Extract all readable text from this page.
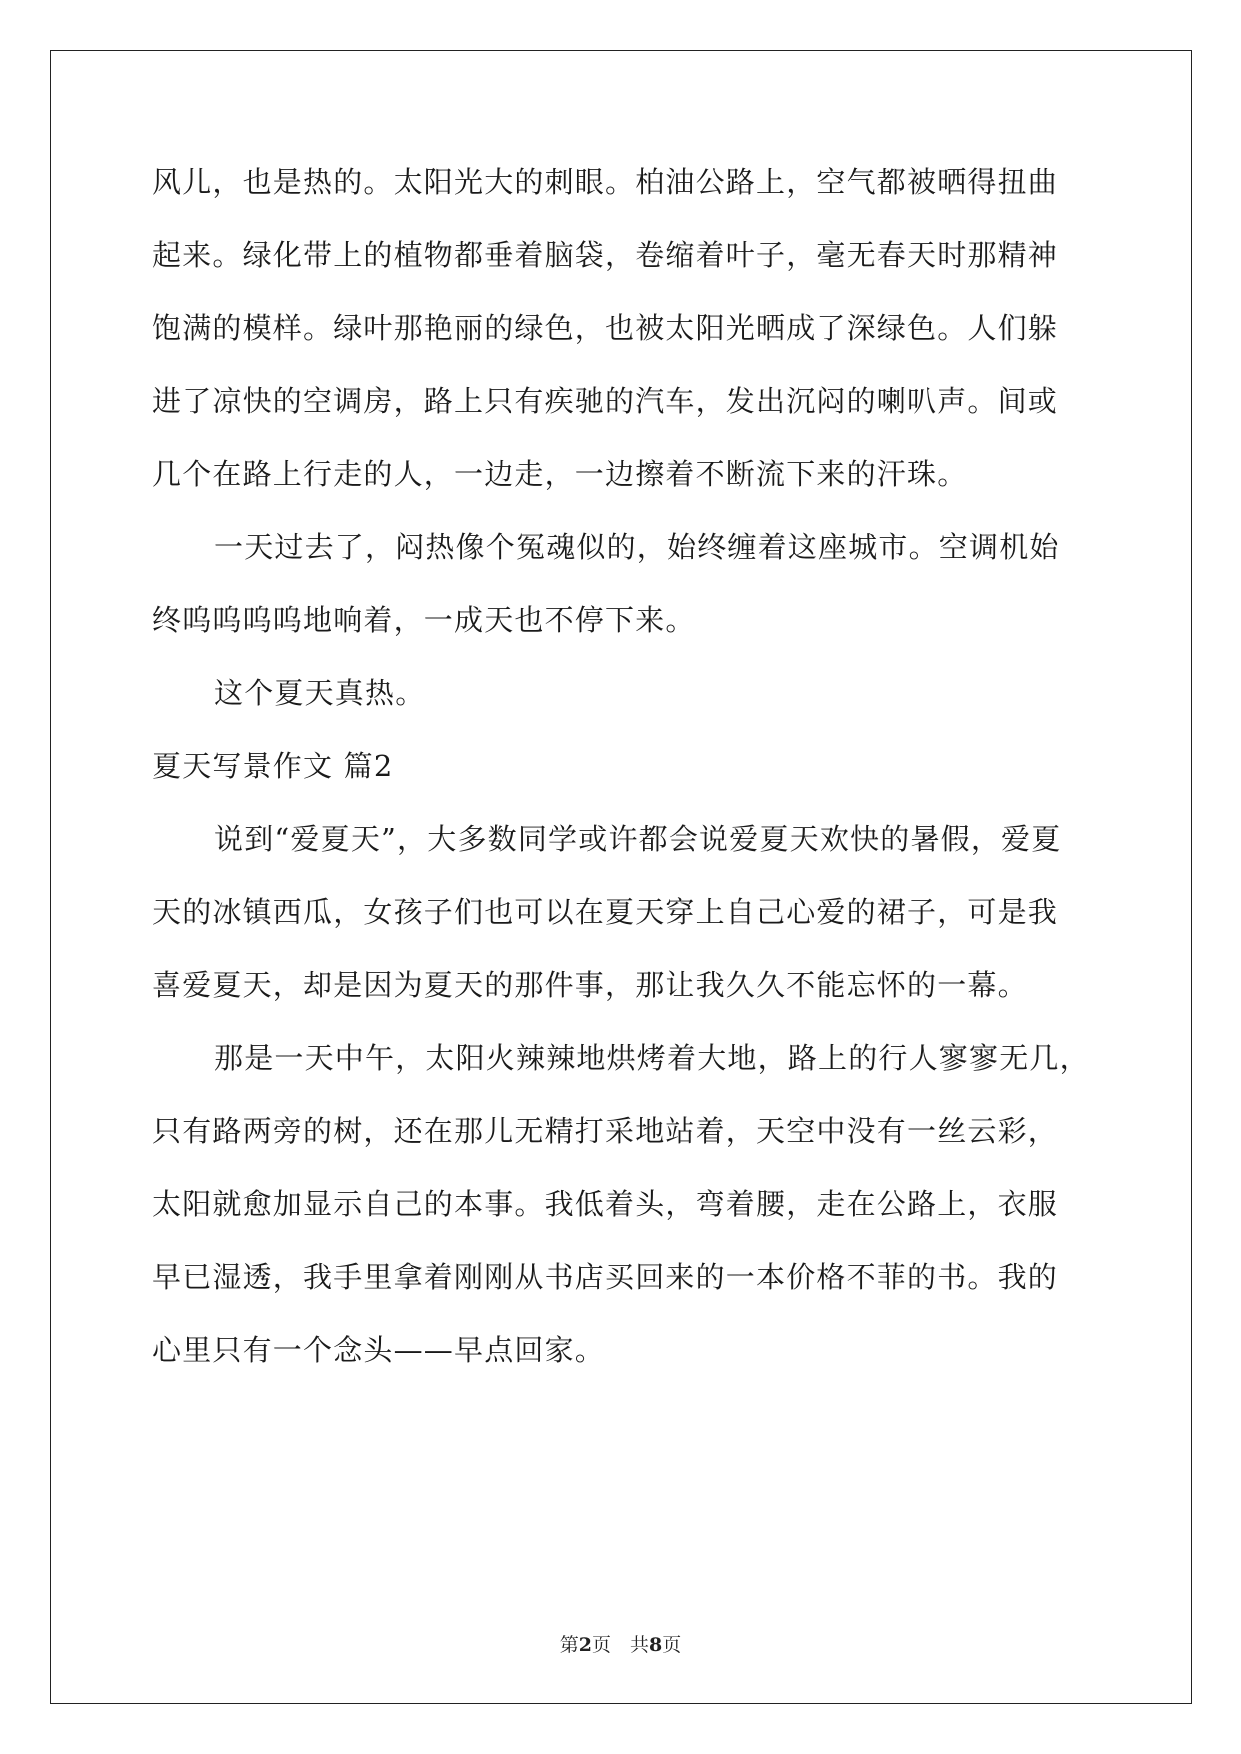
风儿，也是热的。太阳光大的刺眼。柏油公路上，空气都被晒得扭曲
起来。绿化带上的植物都垂着脑袋，卷缩着叶子，毫无春天时那精神
饱满的模样。绿叶那艳丽的绿色，也被太阳光晒成了深绿色。人们躲
进了凉快的空调房，路上只有疾驰的汽车，发出沉闷的喇叭声。间或
几个在路上行走的人，一边走，一边擦着不断流下来的汗珠。
一天过去了，闷热像个冤魂似的，始终缠着这座城市。空调机始
终呜呜呜呜地响着，一成天也不停下来。
这个夏天真热。
夏天写景作文 篇2
说到“爱夏天”，大多数同学或许都会说爱夏天欢快的暑假，爱夏
天的冰镇西瓜，女孩子们也可以在夏天穿上自己心爱的裙子，可是我
喜爱夏天，却是因为夏天的那件事，那让我久久不能忘怀的一幕。
那是一天中午，太阳火辣辣地烘烤着大地，路上的行人寥寥无几，
只有路两旁的树，还在那儿无精打采地站着，天空中没有一丝云彩，
太阳就愈加显示自己的本事。我低着头，弯着腰，走在公路上，衣服
早已湿透，我手里拿着刚刚从书店买回来的一本价格不菲的书。我的
心里只有一个念头——早点回家。
第2页　共8页
